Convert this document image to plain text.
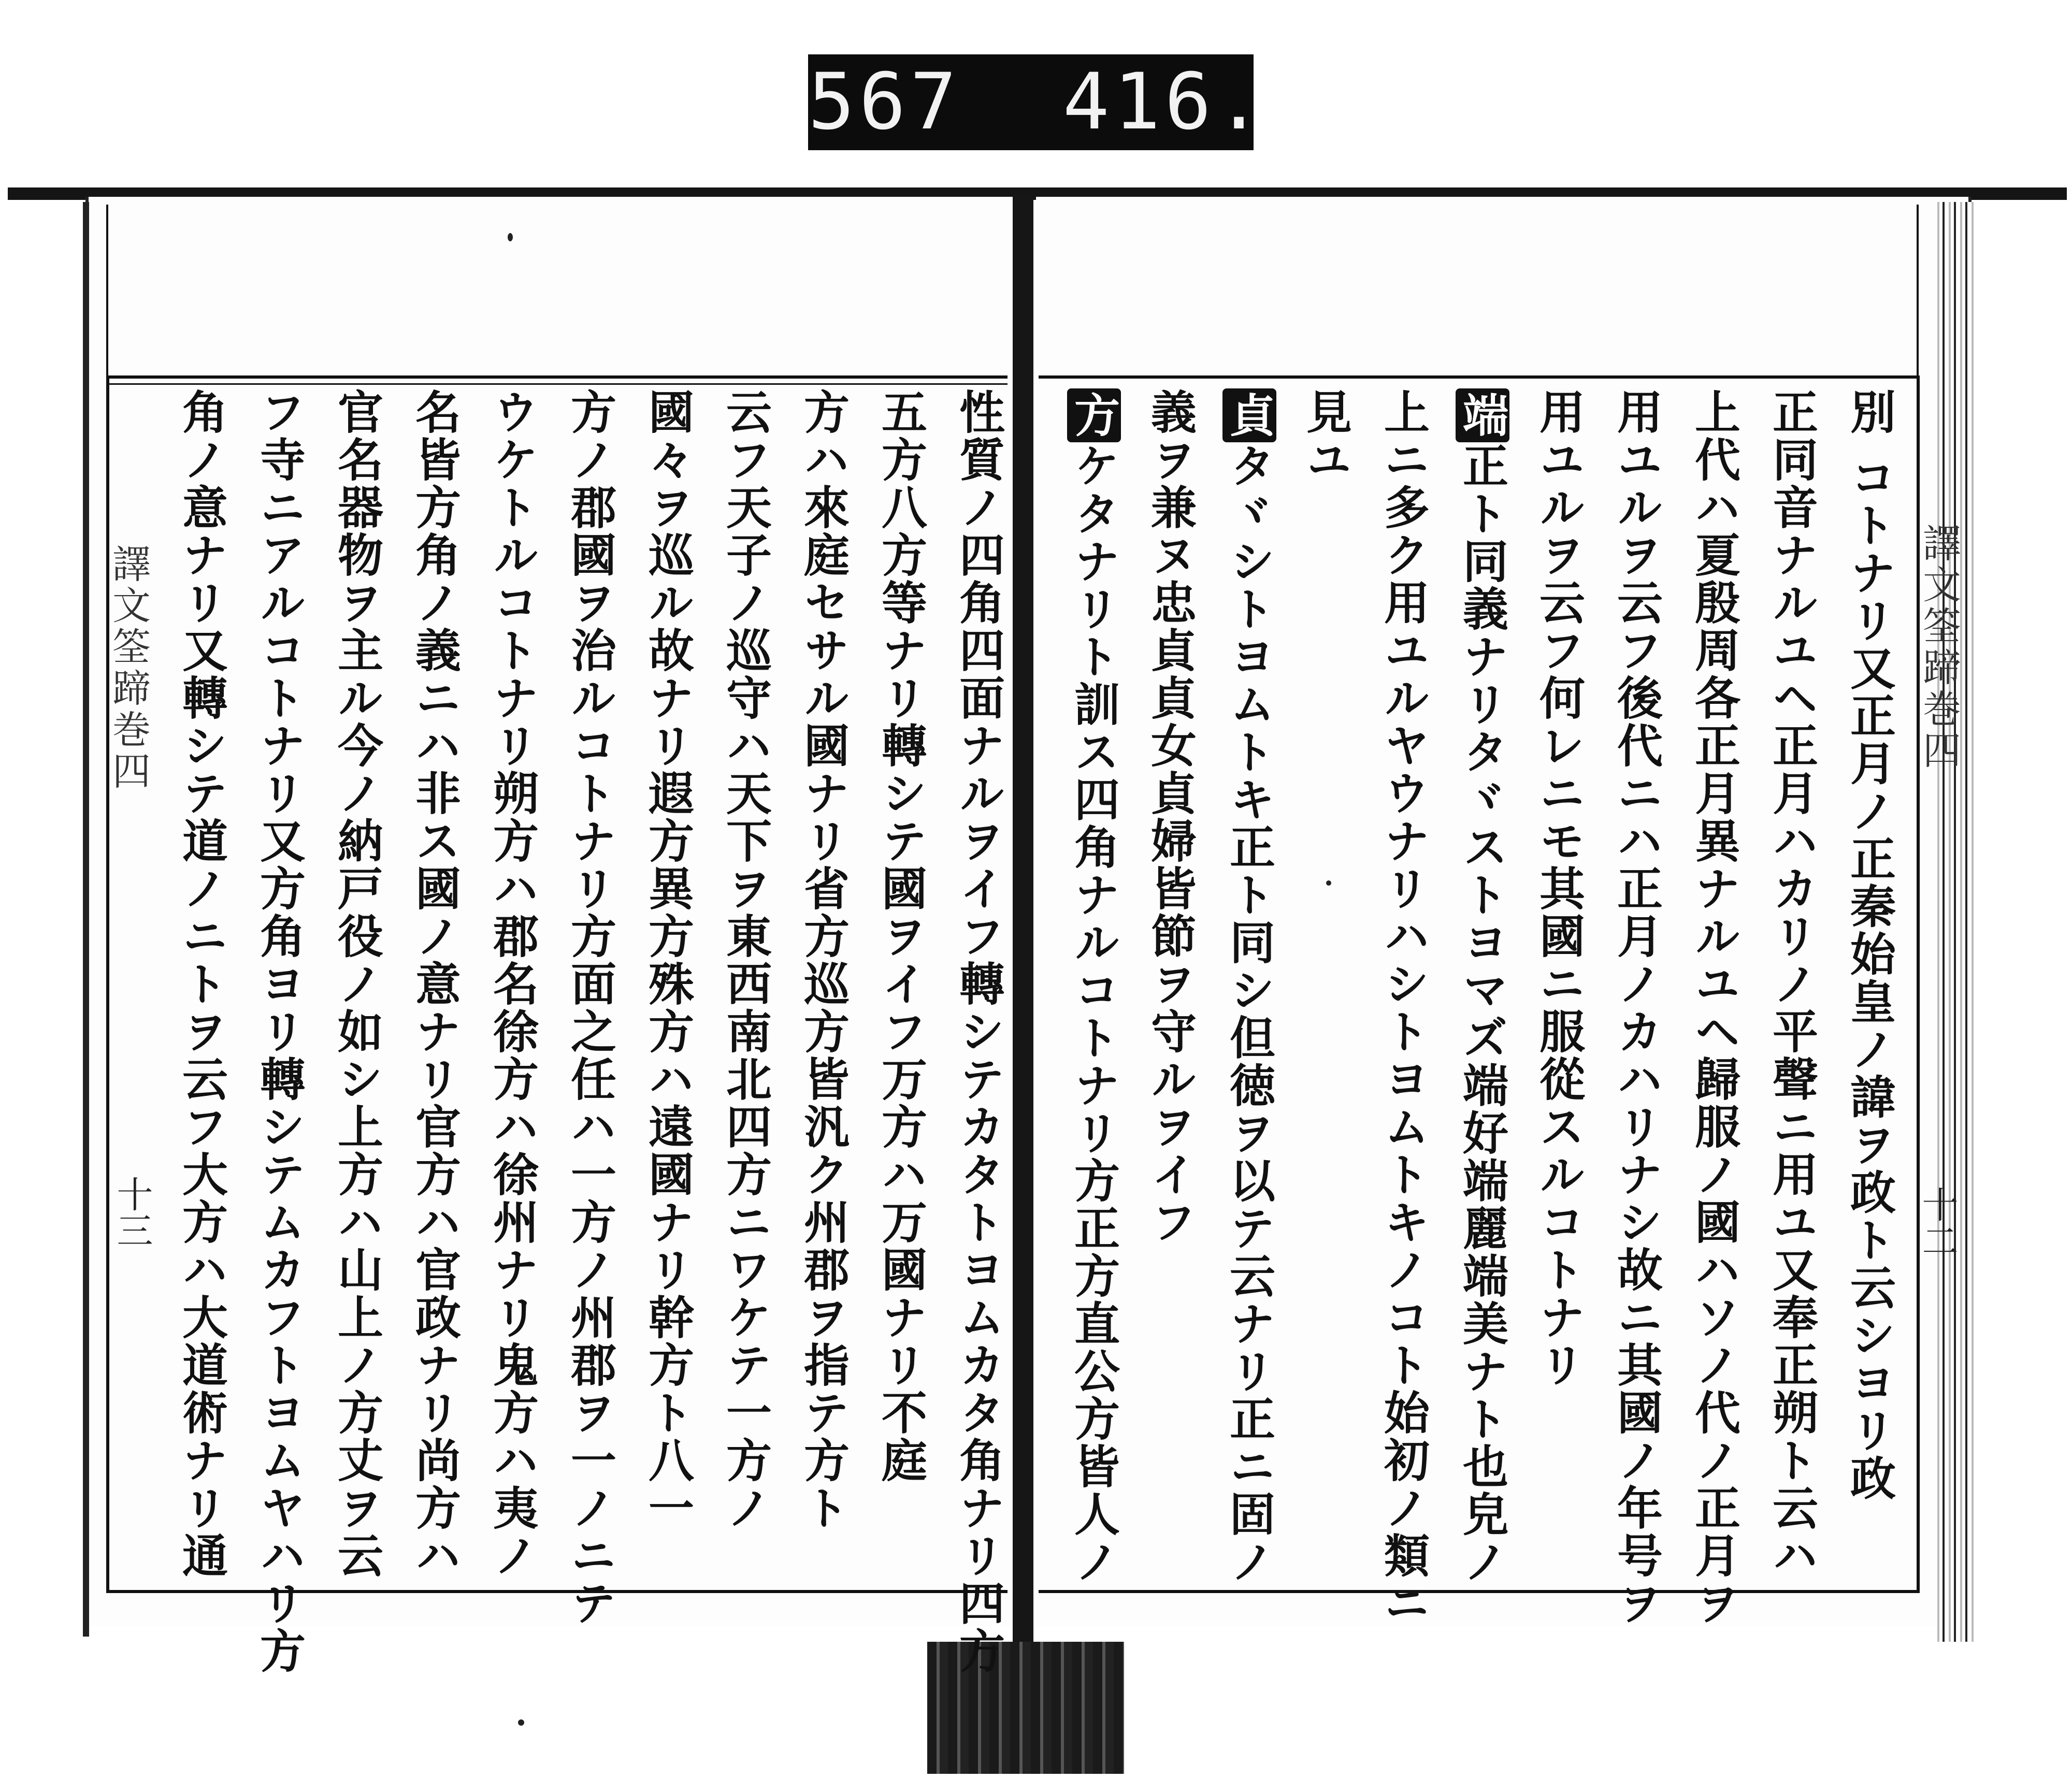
567  416.
譯文筌蹄巻四	譯文筌蹄巻四
十三	十二
別 コトナリ又正月ノ正秦始皇ノ諱ヲ政ト云シヨリ政
正同音ナルユヘ正月ハカリノ平聲ニ用ユ又奉正朔ト云ハ
上代ハ夏殷周各正月異ナルユヘ歸服ノ國ハソノ代ノ正月ヲ
用ユルヲ云フ後代ニハ正月ノカハリナシ故ニ其國ノ年号ヲ
用ユルヲ云フ何レニモ其國ニ服從スルコトナリ
端正ト同義ナリタヾストヨマズ端好端麗端美ナト也皃ノ
上ニ多ク用ユルヤウナリハシトヨムトキノコト始初ノ類ニ
見ユ
貞タヾシトヨムトキ正ト同シ但徳ヲ以テ云ナリ正ニ固ノ
義ヲ兼ヌ忠貞貞女貞婦皆節ヲ守ルヲイフ
方ケタナリト訓ス四角ナルコトナリ方正方直公方皆人ノ
性質ノ四角四面ナルヲイフ轉シテカタトヨムカタ角ナリ四方
五方八方等ナリ轉シテ國ヲイフ万方ハ万國ナリ不庭
方ハ來庭セサル國ナリ省方巡方皆汎ク州郡ヲ指テ方ト
云フ天子ノ巡守ハ天下ヲ東西南北四方ニワケテ一方ノ
國々ヲ巡ル故ナリ遐方異方殊方ハ遠國ナリ幹方ト八一
方ノ郡國ヲ治ルコトナリ方面之任ハ一方ノ州郡ヲ一ノニテ
ウケトルコトナリ朔方ハ郡名徐方ハ徐州ナリ鬼方ハ夷ノ
名皆方角ノ義ニハ非ス國ノ意ナリ官方ハ官政ナリ尚方ハ
官名器物ヲ主ル今ノ納戸役ノ如シ上方ハ山上ノ方丈ヲ云
フ寺ニアルコトナリ又方角ヨリ轉シテムカフトヨムヤハリ方
角ノ意ナリ又轉シテ道ノニトヲ云フ大方ハ大道術ナリ通
